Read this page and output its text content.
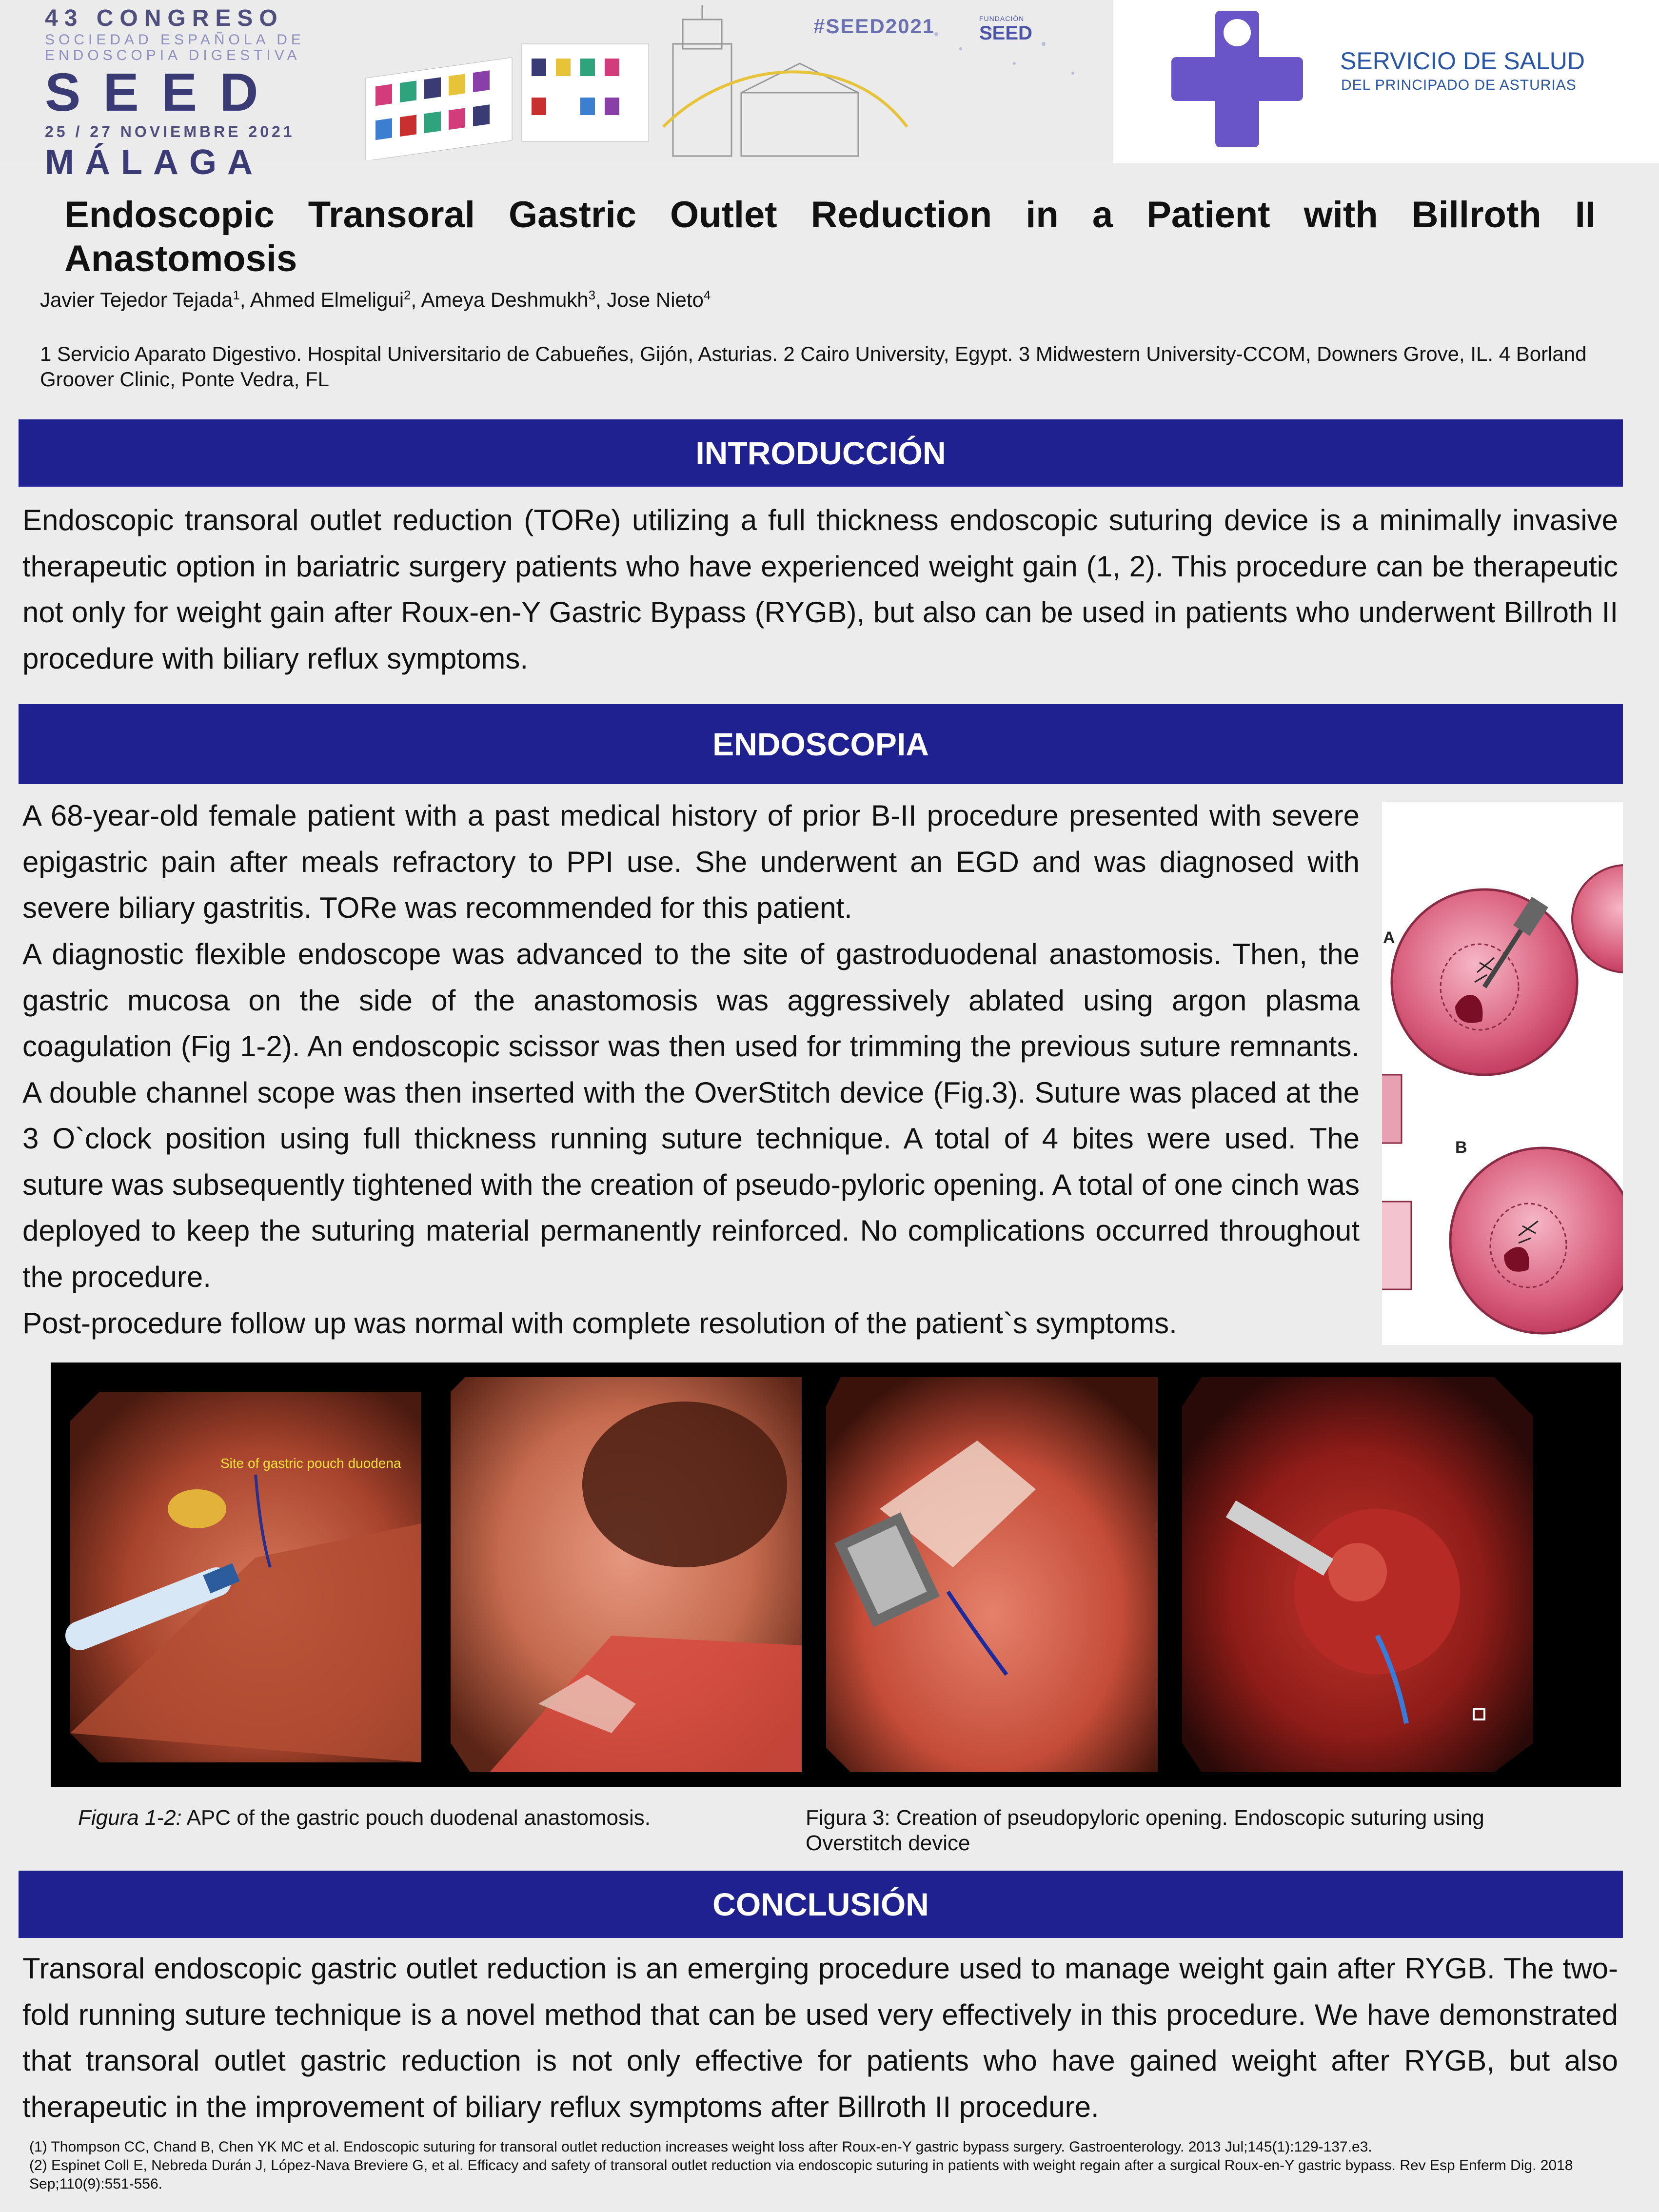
43 CONGRESO
SOCIEDAD ESPAÑOLA DE
ENDOSCOPIA DIGESTIVA
SEED
25 / 27 NOVIEMBRE 2021
MÁLAGA
#SEED2021	FUNDACIÓN
SEED
SERVICIO DE SALUD
DEL PRINCIPADO DE ASTURIAS
Endoscopic Transoral Gastric Outlet Reduction in a Patient with Billroth II Anastomosis
Javier Tejedor Tejada$^1$, Ahmed Elmeligui$^2$, Ameya Deshmukh$^3$, Jose Nieto$^4$
1 Servicio Aparato Digestivo. Hospital Universitario de Cabueñes, Gijón, Asturias. 2 Cairo University, Egypt. 3 Midwestern University-CCOM, Downers Grove, IL. 4 Borland Groover Clinic, Ponte Vedra, FL
INTRODUCCIÓN
Endoscopic transoral outlet reduction (TORe) utilizing a full thickness endoscopic suturing device is a minimally invasive therapeutic option in bariatric surgery patients who have experienced weight gain (1, 2). This procedure can be therapeutic not only for weight gain after Roux-en-Y Gastric Bypass (RYGB), but also can be used in patients who underwent Billroth II procedure with biliary reflux symptoms.
ENDOSCOPIA
A 68-year-old female patient with a past medical history of prior B-II procedure presented with severe epigastric pain after meals refractory to PPI use. She underwent an EGD and was diagnosed with severe biliary gastritis. TORe was recommended for this patient.
A diagnostic flexible endoscope was advanced to the site of gastroduodenal anastomosis. Then, the gastric mucosa on the side of the anastomosis was aggressively ablated using argon plasma coagulation (Fig 1-2). An endoscopic scissor was then used for trimming the previous suture remnants. A double channel scope was then inserted with the OverStitch device (Fig.3). Suture was placed at the 3 O`clock position using full thickness running suture technique. A total of 4 bites were used. The suture was subsequently tightened with the creation of pseudo-pyloric opening. A total of one cinch was deployed to keep the suturing material permanently reinforced. No complications occurred throughout the procedure.
Post-procedure follow up was normal with complete resolution of the patient`s symptoms.
A
B
Site of gastric pouch duodena
Figura 1-2: APC of the gastric pouch duodenal anastomosis.	Figura 3: Creation of pseudopyloric opening. Endoscopic suturing using Overstitch device
CONCLUSIÓN
Transoral endoscopic gastric outlet reduction is an emerging procedure used to manage weight gain after RYGB. The two-fold running suture technique is a novel method that can be used very effectively in this procedure. We have demonstrated that transoral outlet gastric reduction is not only effective for patients who have gained weight after RYGB, but also therapeutic in the improvement of biliary reflux symptoms after Billroth II procedure.
(1) Thompson CC, Chand B, Chen YK MC et al. Endoscopic suturing for transoral outlet reduction increases weight loss after Roux-en-Y gastric bypass surgery. Gastroenterology. 2013 Jul;145(1):129-137.e3.
(2) Espinet Coll E, Nebreda Durán J, López-Nava Breviere G, et al. Efficacy and safety of transoral outlet reduction via endoscopic suturing in patients with weight regain after a surgical Roux-en-Y gastric bypass. Rev Esp Enferm Dig. 2018 Sep;110(9):551-556.
